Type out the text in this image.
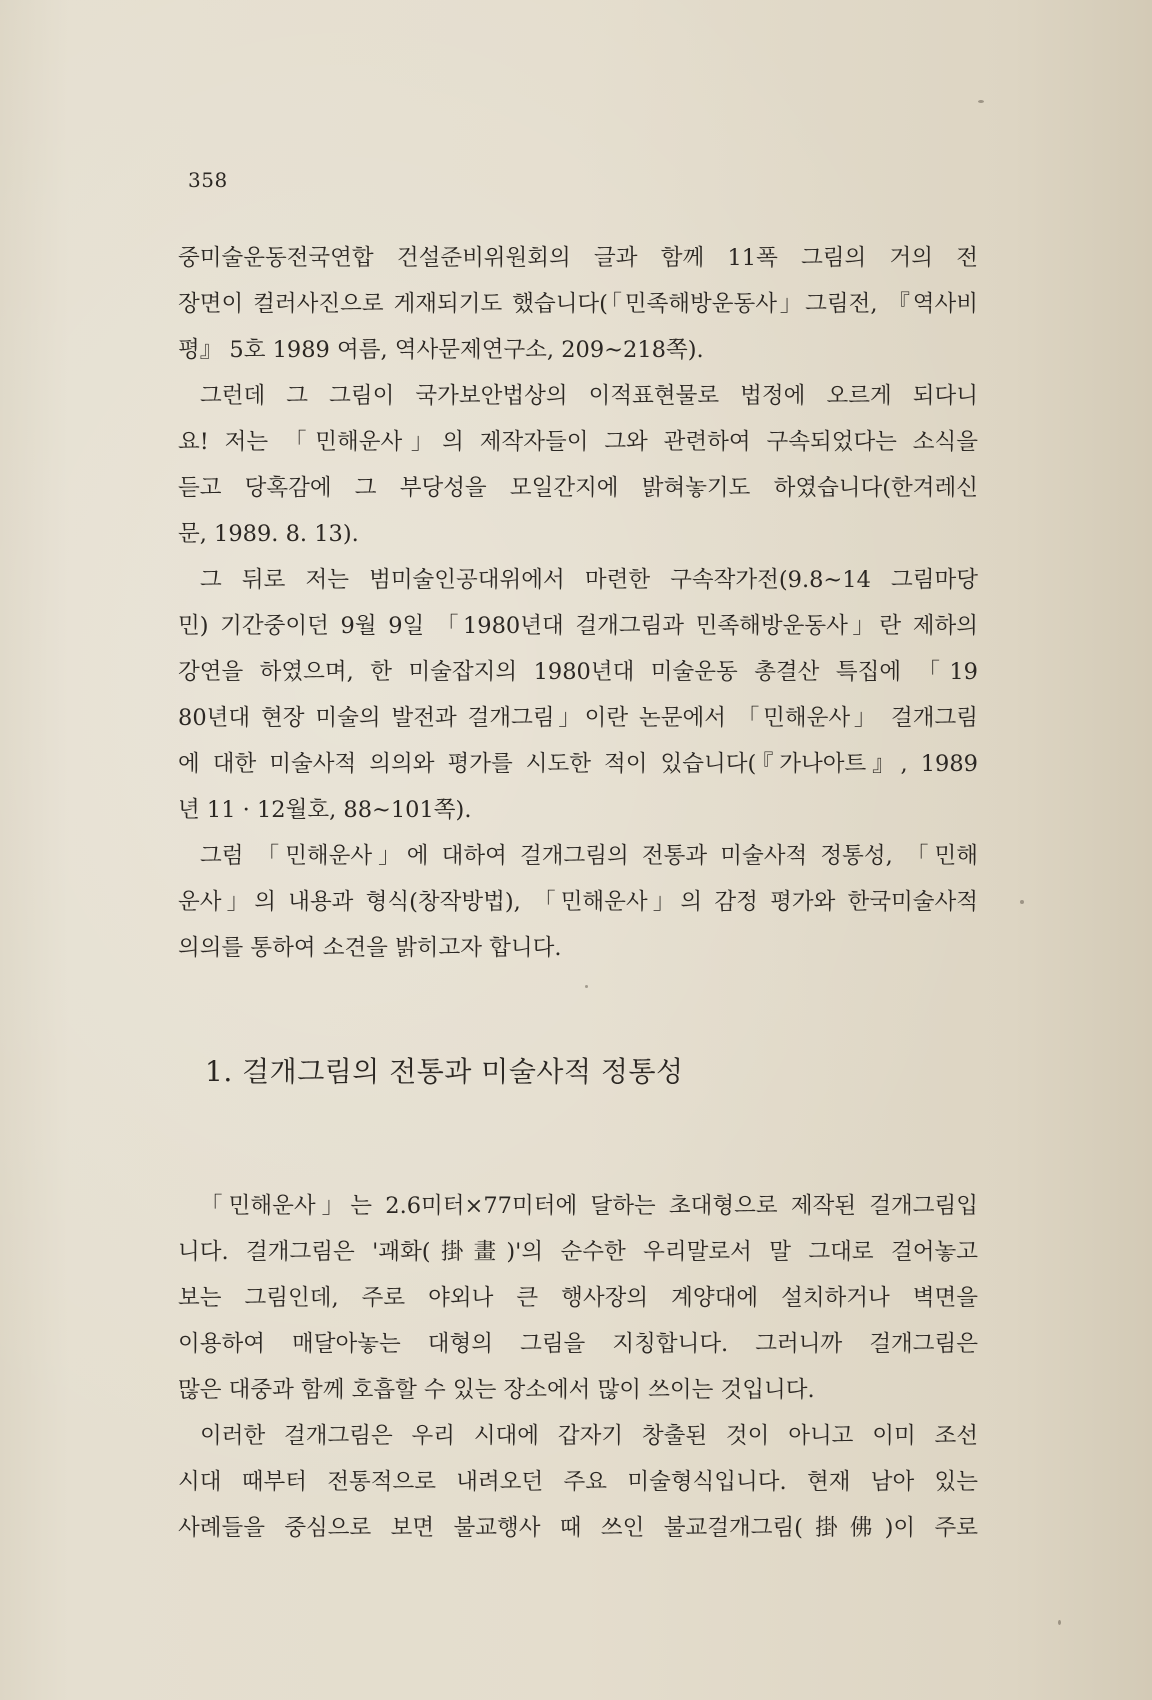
358

중미술운동전국연합 건설준비위원회의 글과 함께 11폭 그림의 거의 전
장면이 컬러사진으로 게재되기도 했습니다(「민족해방운동사」그림전, 『역사비
평』 5호 1989 여름, 역사문제연구소, 209~218쪽).
그런데 그 그림이 국가보안법상의 이적표현물로 법정에 오르게 되다니
요! 저는 「민해운사」의 제작자들이 그와 관련하여 구속되었다는 소식을
듣고 당혹감에 그 부당성을 모일간지에 밝혀놓기도 하였습니다(한겨레신
문, 1989. 8. 13).
그 뒤로 저는 범미술인공대위에서 마련한 구속작가전(9.8~14 그림마당
민) 기간중이던 9월 9일 「1980년대 걸개그림과 민족해방운동사」란 제하의
강연을 하였으며, 한 미술잡지의 1980년대 미술운동 총결산 특집에 「19
80년대 현장 미술의 발전과 걸개그림」이란 논문에서 「민해운사」 걸개그림
에 대한 미술사적 의의와 평가를 시도한 적이 있습니다(『가나아트』, 1989
년 11 · 12월호, 88~101쪽).
그럼 「민해운사」에 대하여 걸개그림의 전통과 미술사적 정통성, 「민해
운사」의 내용과 형식(창작방법), 「민해운사」의 감정 평가와 한국미술사적
의의를 통하여 소견을 밝히고자 합니다.
1. 걸개그림의 전통과 미술사적 정통성
「민해운사」는 2.6미터×77미터에 달하는 초대형으로 제작된 걸개그림입
니다. 걸개그림은 '괘화(掛畫)'의 순수한 우리말로서 말 그대로 걸어놓고
보는 그림인데, 주로 야외나 큰 행사장의 계양대에 설치하거나 벽면을
이용하여 매달아놓는 대형의 그림을 지칭합니다. 그러니까 걸개그림은
많은 대중과 함께 호흡할 수 있는 장소에서 많이 쓰이는 것입니다.
이러한 걸개그림은 우리 시대에 갑자기 창출된 것이 아니고 이미 조선
시대 때부터 전통적으로 내려오던 주요 미술형식입니다. 현재 남아 있는
사례들을 중심으로 보면 불교행사 때 쓰인 불교걸개그림(掛佛)이 주로
